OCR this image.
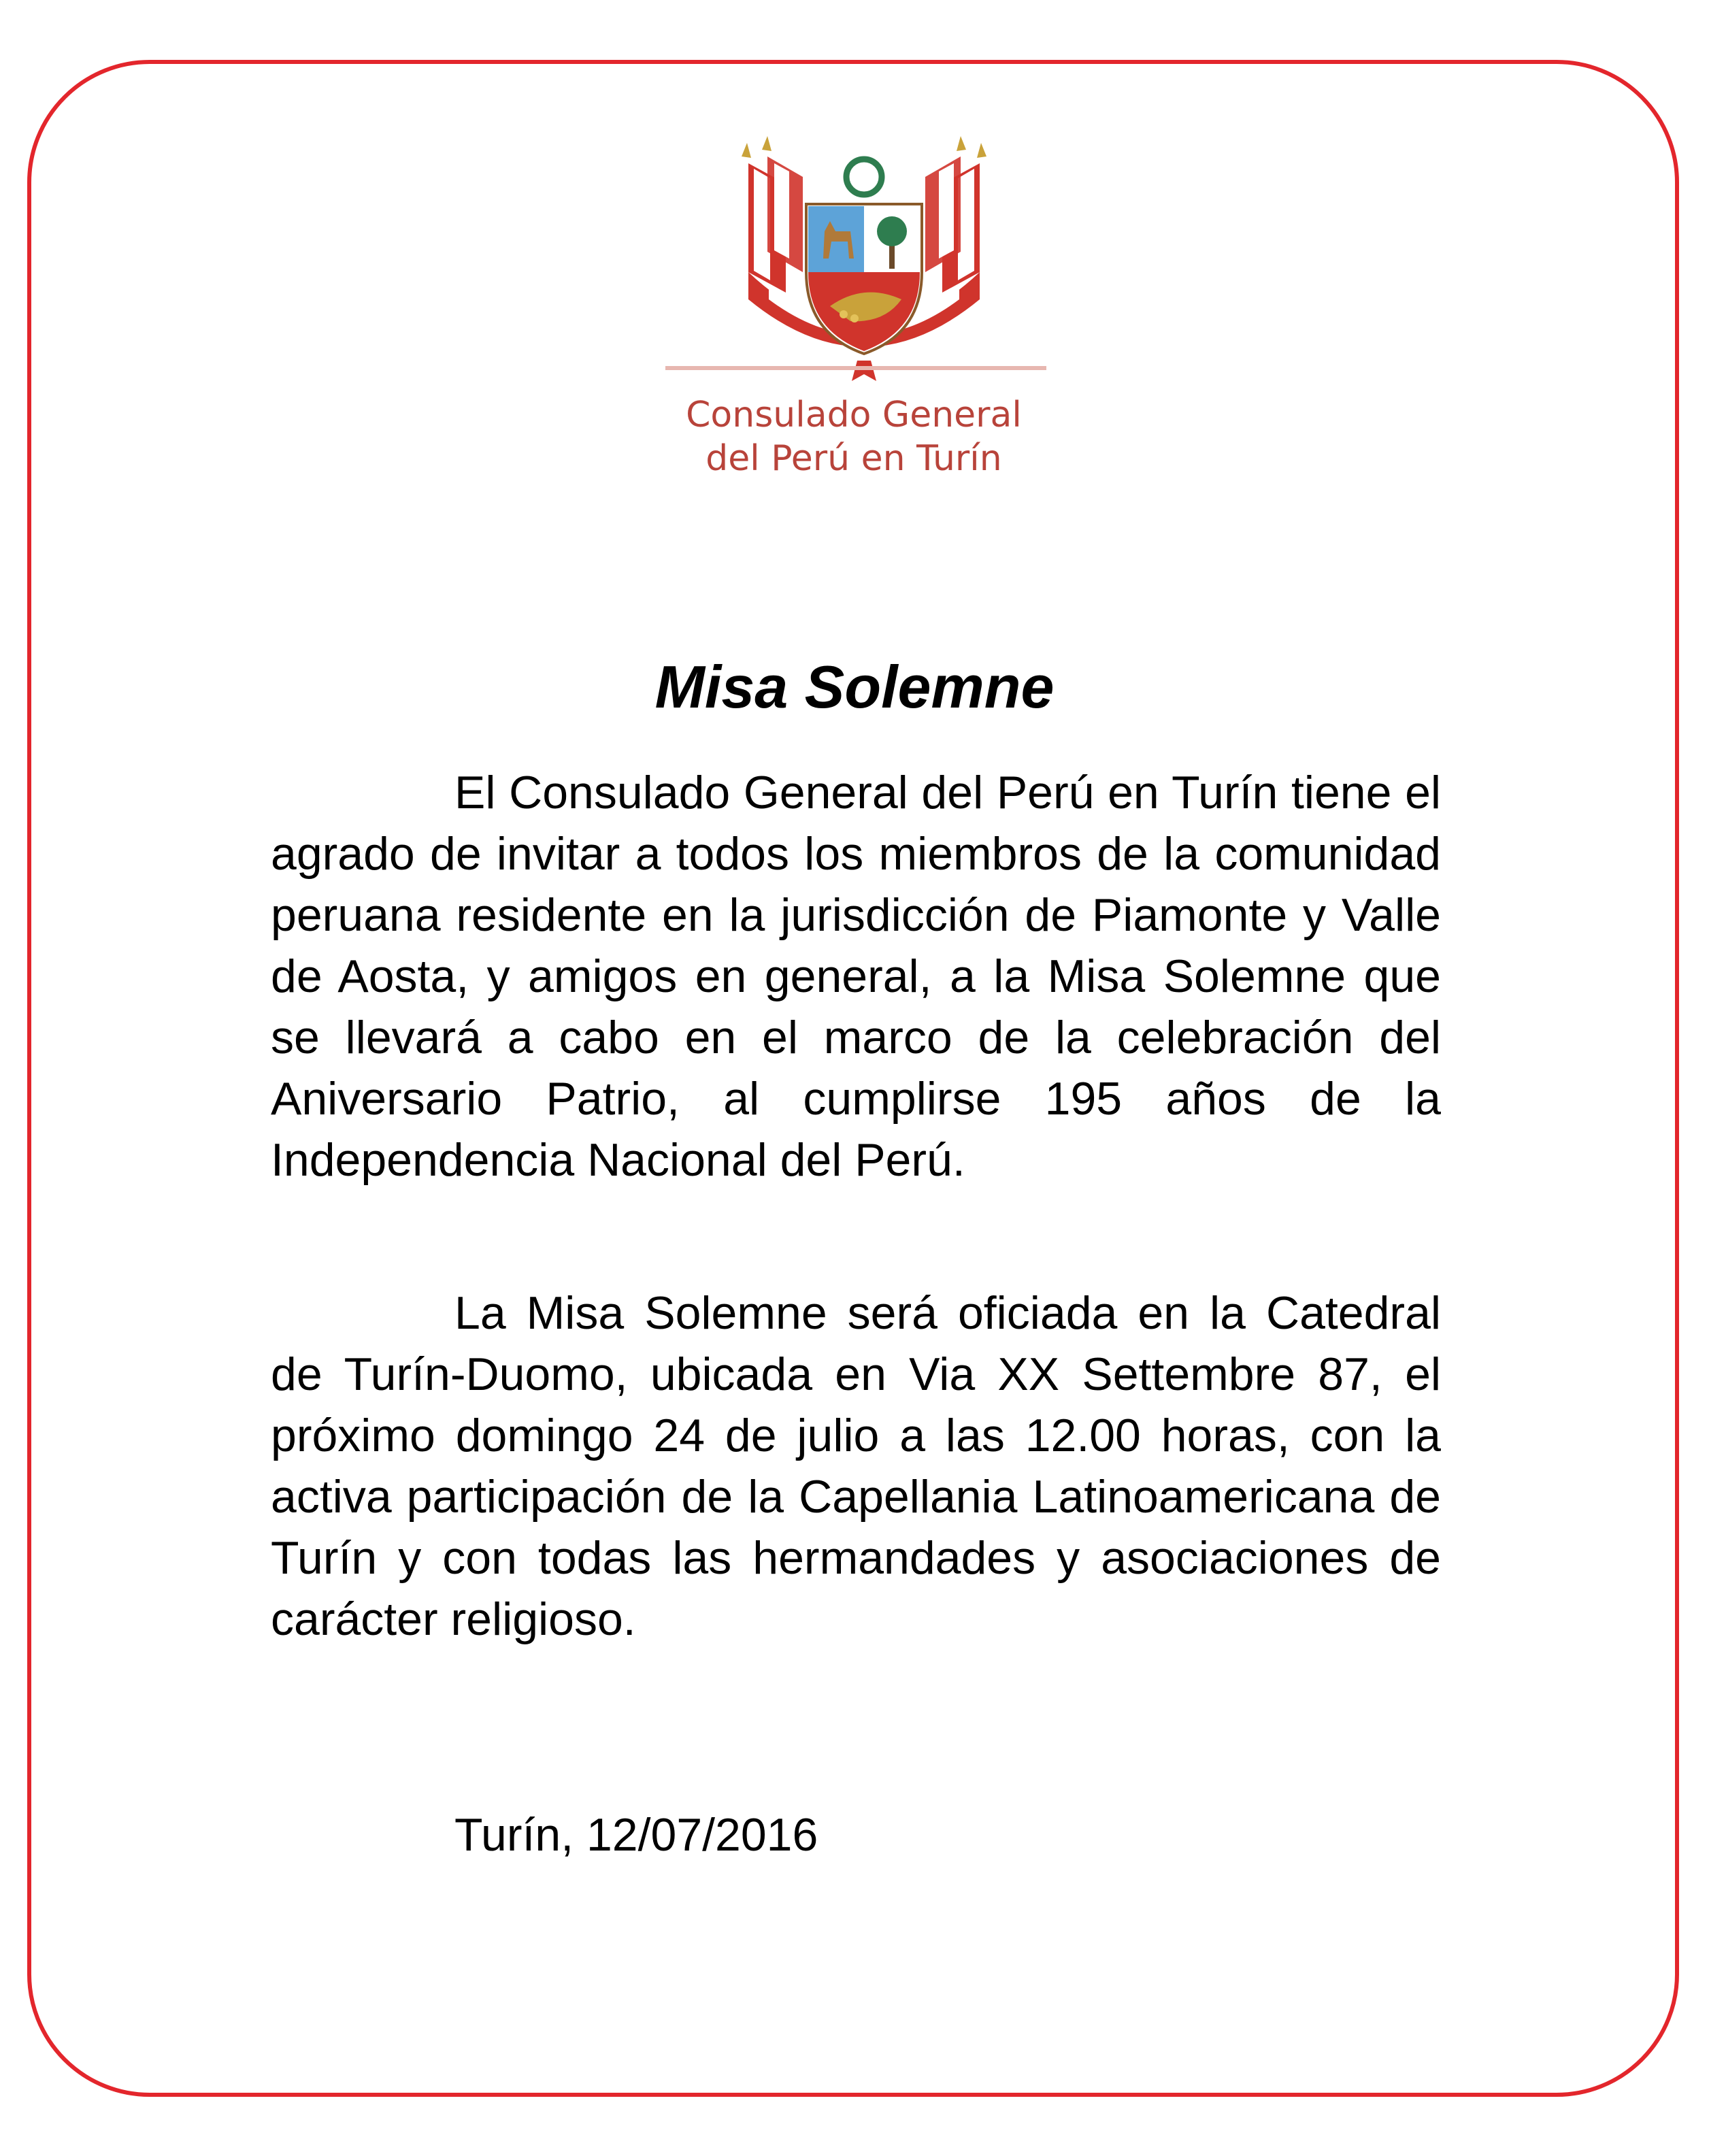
Consulado General
del Perú en Turín
Misa Solemne

El Consulado General del Perú en Turín tiene el agrado de invitar a todos los miembros de la comunidad peruana residente en la jurisdicción de Piamonte y Valle de Aosta, y amigos en general, a la Misa Solemne que se llevará a cabo en el marco de la celebración del Aniversario Patrio, al cumplirse 195 años de la Independencia Nacional del Perú.

La Misa Solemne será oficiada en la Catedral de Turín-Duomo, ubicada en Via XX Settembre 87, el próximo domingo 24 de julio a las 12.00 horas, con la activa participación de la Capellania Latinoamericana de Turín y con todas las hermandades y asociaciones de carácter religioso.

Turín, 12/07/2016
